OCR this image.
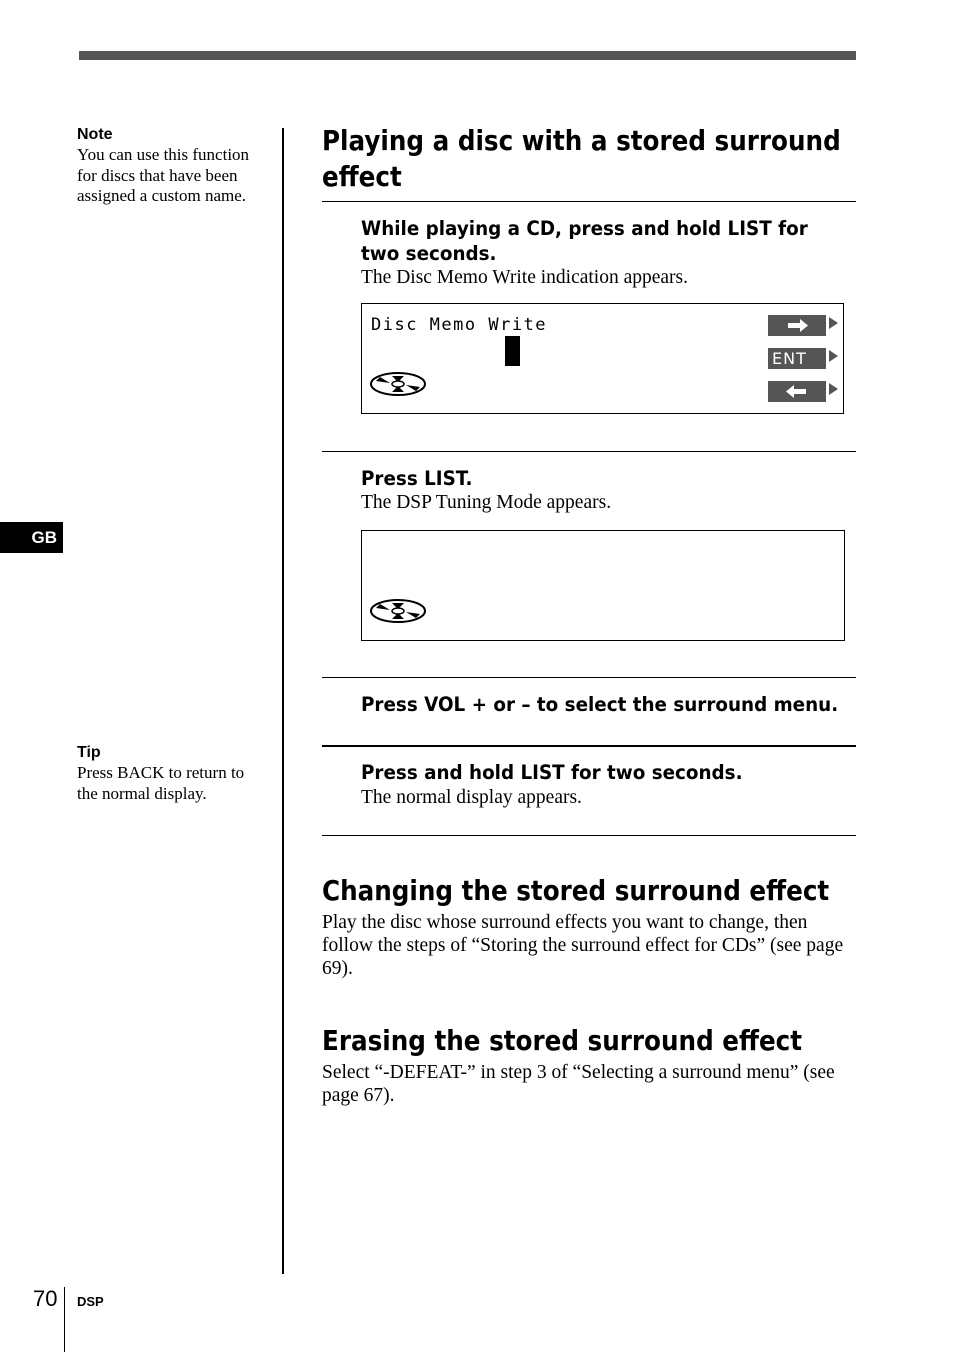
Note
You can use this function for discs that have been assigned a custom name.
GB
Tip
Press BACK to return to the normal display.
Playing a disc with a stored surround effect
While playing a CD, press and hold LIST for two seconds.
The Disc Memo Write indication appears.
Disc Memo Write
ENT
Press LIST.
The DSP Tuning Mode appears.
Press VOL + or – to select the surround menu.
Press and hold LIST for two seconds.
The normal display appears.
Changing the stored surround effect
Play the disc whose surround effects you want to change, then follow the steps of “Storing the surround effect for CDs” (see page 69).
Erasing the stored surround effect
Select “-DEFEAT-” in step 3 of “Selecting a surround menu” (see page 67).
70 DSP
